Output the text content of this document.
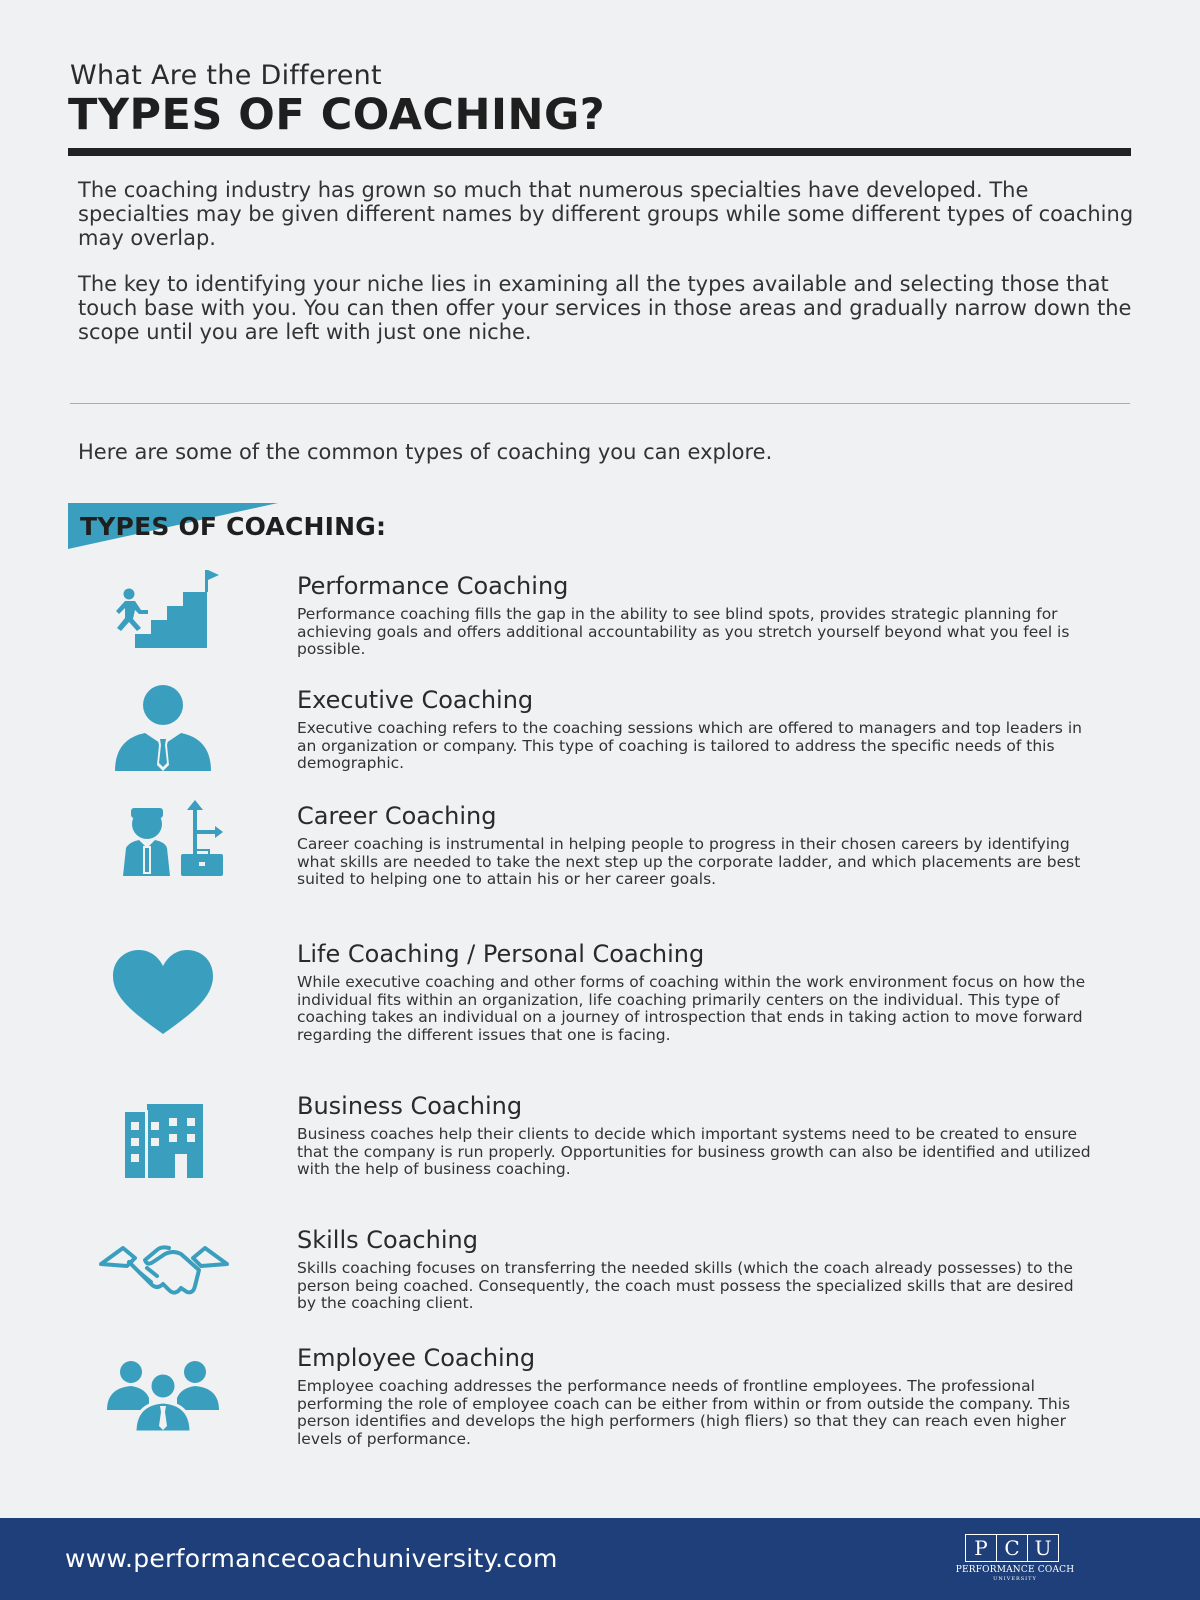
What Are the Different
TYPES OF COACHING?

The coaching industry has grown so much that numerous specialties have developed. The specialties may be given different names by different groups while some different types of coaching may overlap.

The key to identifying your niche lies in examining all the types available and selecting those that touch base with you. You can then offer your services in those areas and gradually narrow down the scope until you are left with just one niche.

Here are some of the common types of coaching you can explore.

TYPES OF COACHING:
Performance Coaching

Performance coaching fills the gap in the ability to see blind spots, provides strategic planning for achieving goals and offers additional accountability as you stretch yourself beyond what you feel is possible.

Executive Coaching

Executive coaching refers to the coaching sessions which are offered to managers and top leaders in an organization or company. This type of coaching is tailored to address the specific needs of this demographic.

Career Coaching

Career coaching is instrumental in helping people to progress in their chosen careers by identifying what skills are needed to take the next step up the corporate ladder, and which placements are best suited to helping one to attain his or her career goals.

Life Coaching / Personal Coaching

While executive coaching and other forms of coaching within the work environment focus on how the individual fits within an organization, life coaching primarily centers on the individual. This type of coaching takes an individual on a journey of introspection that ends in taking action to move forward regarding the different issues that one is facing.

Business Coaching

Business coaches help their clients to decide which important systems need to be created to ensure that the company is run properly. Opportunities for business growth can also be identified and utilized with the help of business coaching.

Skills Coaching

Skills coaching focuses on transferring the needed skills (which the coach already possesses) to the person being coached. Consequently, the coach must possess the specialized skills that are desired by the coaching client.

Employee Coaching

Employee coaching addresses the performance needs of frontline employees. The professional performing the role of employee coach can be either from within or from outside the company. This person identifies and develops the high performers (high fliers) so that they can reach even higher levels of performance.

www.performancecoachuniversity.com	P C U
PERFORMANCE COACH
UNIVERSITY
